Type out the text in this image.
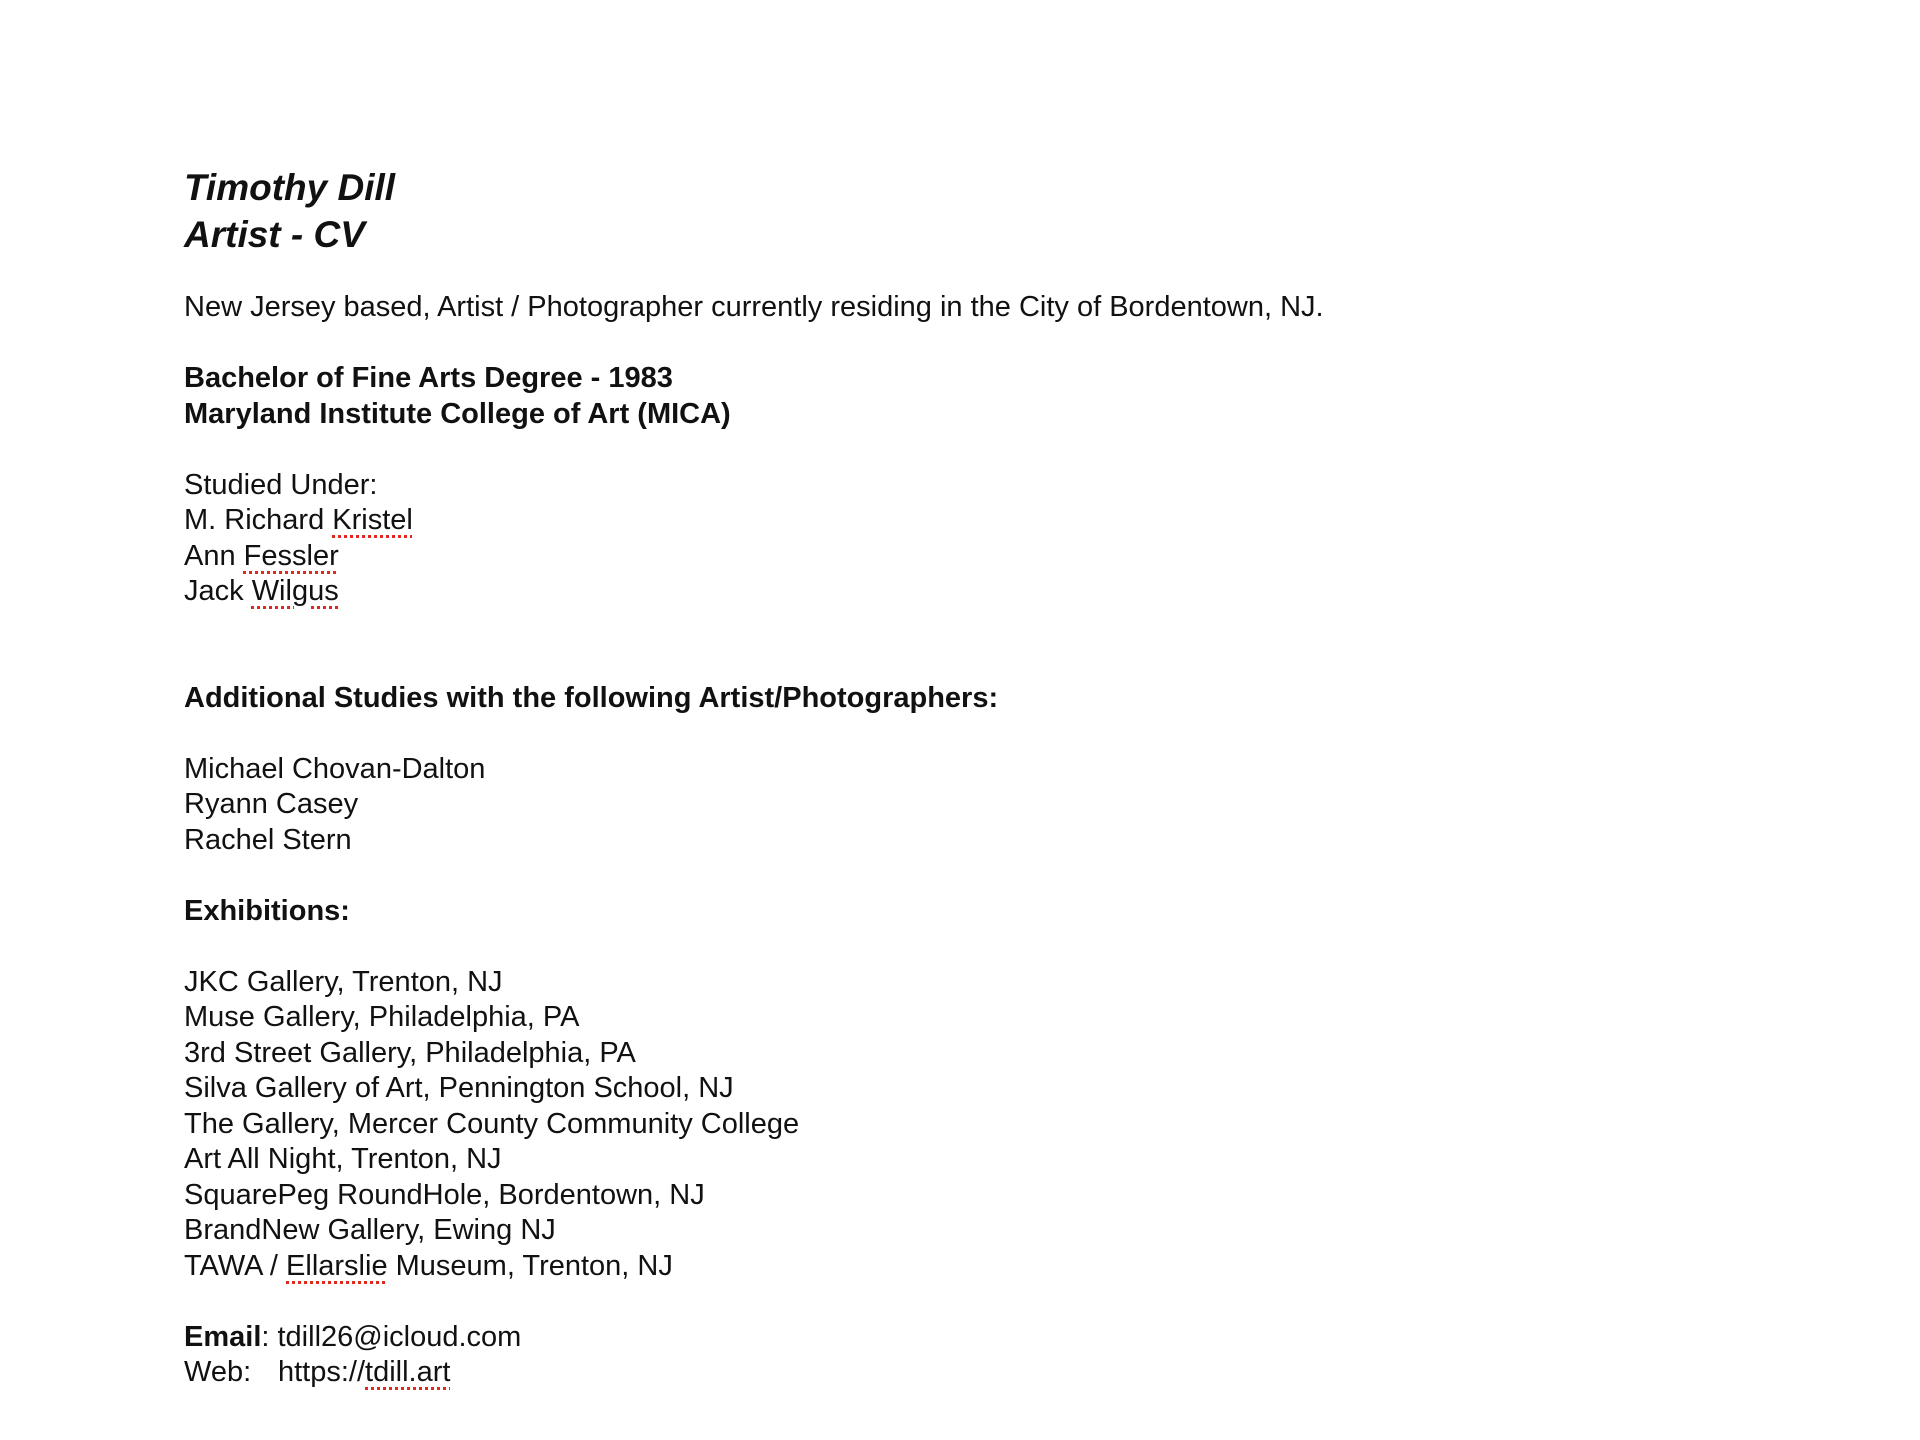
Timothy Dill
Artist - CV
New Jersey based, Artist / Photographer currently residing in the City of Bordentown, NJ.
Bachelor of Fine Arts Degree - 1983
Maryland Institute College of Art (MICA)
Studied Under:
M. Richard Kristel
Ann Fessler
Jack Wilgus
Additional Studies with the following Artist/Photographers:
Michael Chovan-Dalton
Ryann Casey
Rachel Stern
Exhibitions:
JKC Gallery, Trenton, NJ
Muse Gallery, Philadelphia, PA
3rd Street Gallery, Philadelphia, PA
Silva Gallery of Art, Pennington School, NJ
The Gallery, Mercer County Community College
Art All Night, Trenton, NJ
SquarePeg RoundHole, Bordentown, NJ
BrandNew Gallery, Ewing NJ
TAWA / Ellarslie Museum, Trenton, NJ
Email: tdill26@icloud.com
Web: https://tdill.art
